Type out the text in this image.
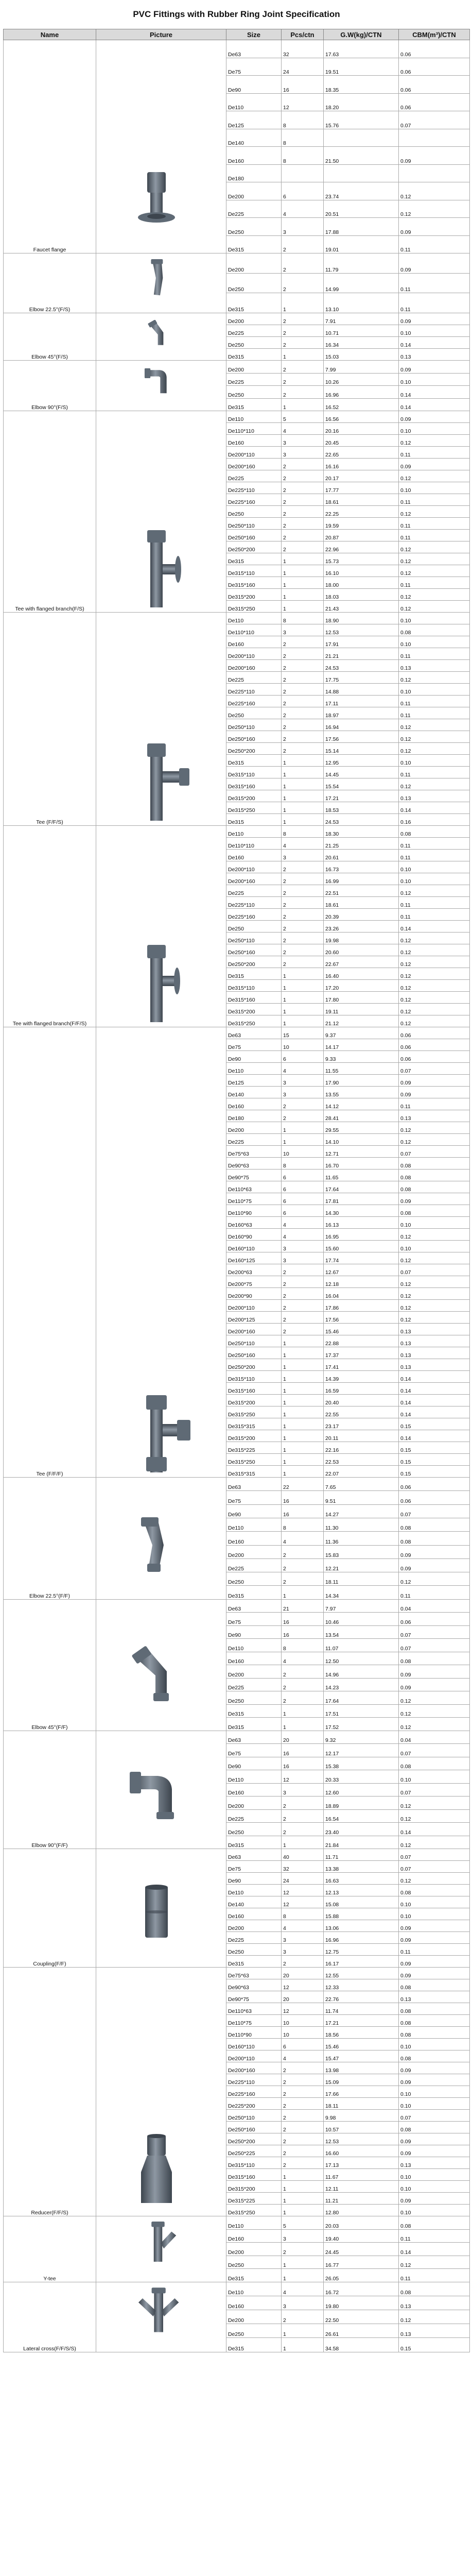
PVC Fittings with Rubber Ring Joint Specification
Name	Picture	Size	Pcs/ctn	G.W(kg)/CTN	CBM(m³)/CTN
Faucet flange		De63	32	17.63	0.06
		De75	24	19.51	0.06
		De90	16	18.35	0.06
		De110	12	18.20	0.06
		De125	8	15.76	0.07
		De140	8		
		De160	8	21.50	0.09
		De180			
		De200	6	23.74	0.12
		De225	4	20.51	0.12
		De250	3	17.88	0.09
		De315	2	19.01	0.11
Elbow 22.5°(F/S)		De200	2	11.79	0.09
		De250	2	14.99	0.11
		De315	1	13.10	0.11
Elbow 45°(F/S)		De200	2	7.91	0.09
		De225	2	10.71	0.10
		De250	2	16.34	0.14
		De315	1	15.03	0.13
Elbow 90°(F/S)		De200	2	7.99	0.09
		De225	2	10.26	0.10
		De250	2	16.96	0.14
		De315	1	16.52	0.14
Tee with flanged branch(F/S)		De110	5	16.56	0.09
		De110*110	4	20.16	0.10
		De160	3	20.45	0.12
		De200*110	3	22.65	0.11
		De200*160	2	16.16	0.09
		De225	2	20.17	0.12
		De225*110	2	17.77	0.10
		De225*160	2	18.61	0.11
		De250	2	22.25	0.12
		De250*110	2	19.59	0.11
		De250*160	2	20.87	0.11
		De250*200	2	22.96	0.12
		De315	1	15.73	0.12
		De315*110	1	16.10	0.12
		De315*160	1	18.00	0.11
		De315*200	1	18.03	0.12
		De315*250	1	21.43	0.12
Tee (F/F/S)		De110	8	18.90	0.10
		De110*110	3	12.53	0.08
		De160	2	17.91	0.10
		De200*110	2	21.21	0.11
		De200*160	2	24.53	0.13
		De225	2	17.75	0.12
		De225*110	2	14.88	0.10
		De225*160	2	17.11	0.11
		De250	2	18.97	0.11
		De250*110	2	16.94	0.12
		De250*160	2	17.56	0.12
		De250*200	2	15.14	0.12
		De315	1	12.95	0.10
		De315*110	1	14.45	0.11
		De315*160	1	15.54	0.12
		De315*200	1	17.21	0.13
		De315*250	1	18.53	0.14
		De315	1	24.53	0.16
Tee with flanged branch(F/F/S)		De110	8	18.30	0.08
		De110*110	4	21.25	0.11
		De160	3	20.61	0.11
		De200*110	2	16.73	0.10
		De200*160	2	16.99	0.10
		De225	2	22.51	0.12
		De225*110	2	18.61	0.11
		De225*160	2	20.39	0.11
		De250	2	23.26	0.14
		De250*110	2	19.98	0.12
		De250*160	2	20.60	0.12
		De250*200	2	22.67	0.12
		De315	1	16.40	0.12
		De315*110	1	17.20	0.12
		De315*160	1	17.80	0.12
		De315*200	1	19.11	0.12
		De315*250	1	21.12	0.12
Tee (F/F/F)		De63	15	9.37	0.06
		De75	10	14.17	0.06
		De90	6	9.33	0.06
		De110	4	11.55	0.07
		De125	3	17.90	0.09
		De140	3	13.55	0.09
		De160	2	14.12	0.11
		De180	2	28.41	0.13
		De200	1	29.55	0.12
		De225	1	14.10	0.12
		De75*63	10	12.71	0.07
		De90*63	8	16.70	0.08
		De90*75	6	11.65	0.08
		De110*63	6	17.64	0.08
		De110*75	6	17.81	0.09
		De110*90	6	14.30	0.08
		De160*63	4	16.13	0.10
		De160*90	4	16.95	0.12
		De160*110	3	15.60	0.10
		De160*125	3	17.74	0.12
		De200*63	2	12.67	0.07
		De200*75	2	12.18	0.12
		De200*90	2	16.04	0.12
		De200*110	2	17.86	0.12
		De200*125	2	17.56	0.12
		De200*160	2	15.46	0.13
		De250*110	1	22.88	0.13
		De250*160	1	17.37	0.13
		De250*200	1	17.41	0.13
		De315*110	1	14.39	0.14
		De315*160	1	16.59	0.14
		De315*200	1	20.40	0.14
		De315*250	1	22.55	0.14
		De315*315	1	23.17	0.15
		De315*200	1	20.11	0.14
		De315*225	1	22.16	0.15
		De315*250	1	22.53	0.15
		De315*315	1	22.07	0.15
Elbow 22.5°(F/F)		De63	22	7.65	0.06
		De75	16	9.51	0.06
		De90	16	14.27	0.07
		De110	8	11.30	0.08
		De160	4	11.36	0.08
		De200	2	15.83	0.09
		De225	2	12.21	0.09
		De250	2	18.11	0.12
		De315	1	14.34	0.11
Elbow 45°(F/F)		De63	21	7.97	0.04
		De75	16	10.46	0.06
		De90	16	13.54	0.07
		De110	8	11.07	0.07
		De160	4	12.50	0.08
		De200	2	14.96	0.09
		De225	2	14.23	0.09
		De250	2	17.64	0.12
		De315	1	17.51	0.12
		De315	1	17.52	0.12
Elbow 90°(F/F)		De63	20	9.32	0.04
		De75	16	12.17	0.07
		De90	16	15.38	0.08
		De110	12	20.33	0.10
		De160	3	12.60	0.07
		De200	2	18.89	0.12
		De225	2	16.54	0.12
		De250	2	23.40	0.14
		De315	1	21.84	0.12
Coupling(F/F)		De63	40	11.71	0.07
		De75	32	13.38	0.07
		De90	24	16.63	0.12
		De110	12	12.13	0.08
		De140	12	15.08	0.10
		De160	8	15.88	0.10
		De200	4	13.06	0.09
		De225	3	16.96	0.09
		De250	3	12.75	0.11
		De315	2	16.17	0.09
Reducer(F/F/S)		De75*63	20	12.55	0.09
		De90*63	12	12.33	0.08
		De90*75	20	22.76	0.13
		De110*63	12	11.74	0.08
		De110*75	10	17.21	0.08
		De110*90	10	18.56	0.08
		De160*110	6	15.46	0.10
		De200*110	4	15.47	0.08
		De200*160	2	13.98	0.09
		De225*110	2	15.09	0.09
		De225*160	2	17.66	0.10
		De225*200	2	18.11	0.10
		De250*110	2	9.98	0.07
		De250*160	2	10.57	0.08
		De250*200	2	12.53	0.09
		De250*225	2	16.60	0.09
		De315*110	2	17.13	0.13
		De315*160	1	11.67	0.10
		De315*200	1	12.11	0.10
		De315*225	1	11.21	0.09
		De315*250	1	12.80	0.10
Y-tee		De110	5	20.03	0.08
		De160	3	19.40	0.11
		De200	2	24.45	0.14
		De250	1	16.77	0.12
		De315	1	26.05	0.11
Lateral cross(F/F/S/S)		De110	4	16.72	0.08
		De160	3	19.80	0.13
		De200	2	22.50	0.12
		De250	1	26.61	0.13
		De315	1	34.58	0.15
